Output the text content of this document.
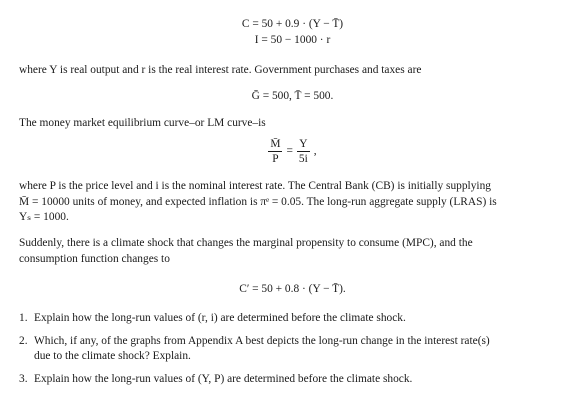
C = 50 + 0.9 · (Y − T̄)
I = 50 − 1000 · r
where Y is real output and r is the real interest rate. Government purchases and taxes are
Ḡ = 500, T̄ = 500.
The money market equilibrium curve–or LM curve–is
$\frac{M̄}{P} = \frac{Y}{5i}$ ,
where P is the price level and i is the nominal interest rate. The Central Bank (CB) is initially supplying
M̄ = 10000 units of money, and expected inflation is πᵉ = 0.05. The long-run aggregate supply (LRAS) is
Yₛ = 1000.
Suddenly, there is a climate shock that changes the marginal propensity to consume (MPC), and the
consumption function changes to
C′ = 50 + 0.8 · (Y − T̄).
1. Explain how the long-run values of (r, i) are determined before the climate shock.
2. Which, if any, of the graphs from Appendix A best depicts the long-run change in the interest rate(s)
due to the climate shock? Explain.
3. Explain how the long-run values of (Y, P) are determined before the climate shock.
